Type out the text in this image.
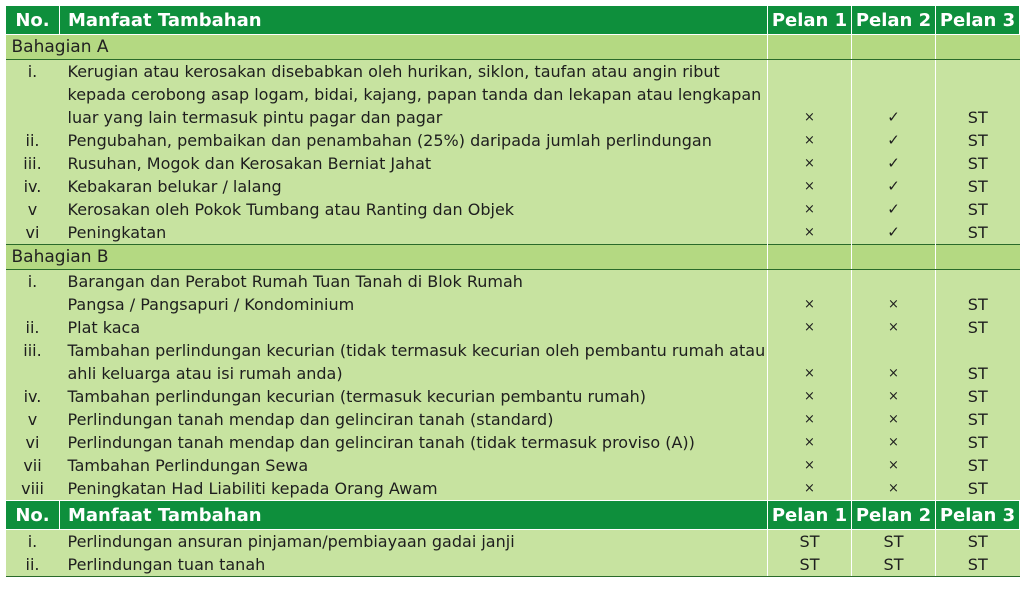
No.	Manfaat Tambahan	Pelan 1	Pelan 2	Pelan 3
Bahagian A				
i.	Kerugian atau kerosakan disebabkan oleh hurikan, siklon, taufan atau angin ribut
kepada cerobong asap logam, bidai, kajang, papan tanda dan lekapan atau lengkapan
luar yang lain termasuk pintu pagar dan pagar	×	✓	ST
ii.	Pengubahan, pembaikan dan penambahan (25%) daripada jumlah perlindungan	×	✓	ST
iii.	Rusuhan, Mogok dan Kerosakan Berniat Jahat	×	✓	ST
iv.	Kebakaran belukar / lalang	×	✓	ST
v	Kerosakan oleh Pokok Tumbang atau Ranting dan Objek	×	✓	ST
vi	Peningkatan	×	✓	ST
Bahagian B				
i.	Barangan dan Perabot Rumah Tuan Tanah di Blok Rumah
Pangsa / Pangsapuri / Kondominium	×	×	ST
ii.	Plat kaca	×	×	ST
iii.	Tambahan perlindungan kecurian (tidak termasuk kecurian oleh pembantu rumah atau
ahli keluarga atau isi rumah anda)	×	×	ST
iv.	Tambahan perlindungan kecurian (termasuk kecurian pembantu rumah)	×	×	ST
v	Perlindungan tanah mendap dan gelinciran tanah (standard)	×	×	ST
vi	Perlindungan tanah mendap dan gelinciran tanah (tidak termasuk proviso (A))	×	×	ST
vii	Tambahan Perlindungan Sewa	×	×	ST
viii	Peningkatan Had Liabiliti kepada Orang Awam	×	×	ST
No.	Manfaat Tambahan	Pelan 1	Pelan 2	Pelan 3
i.	Perlindungan ansuran pinjaman/pembiayaan gadai janji	ST	ST	ST
ii.	Perlindungan tuan tanah	ST	ST	ST
